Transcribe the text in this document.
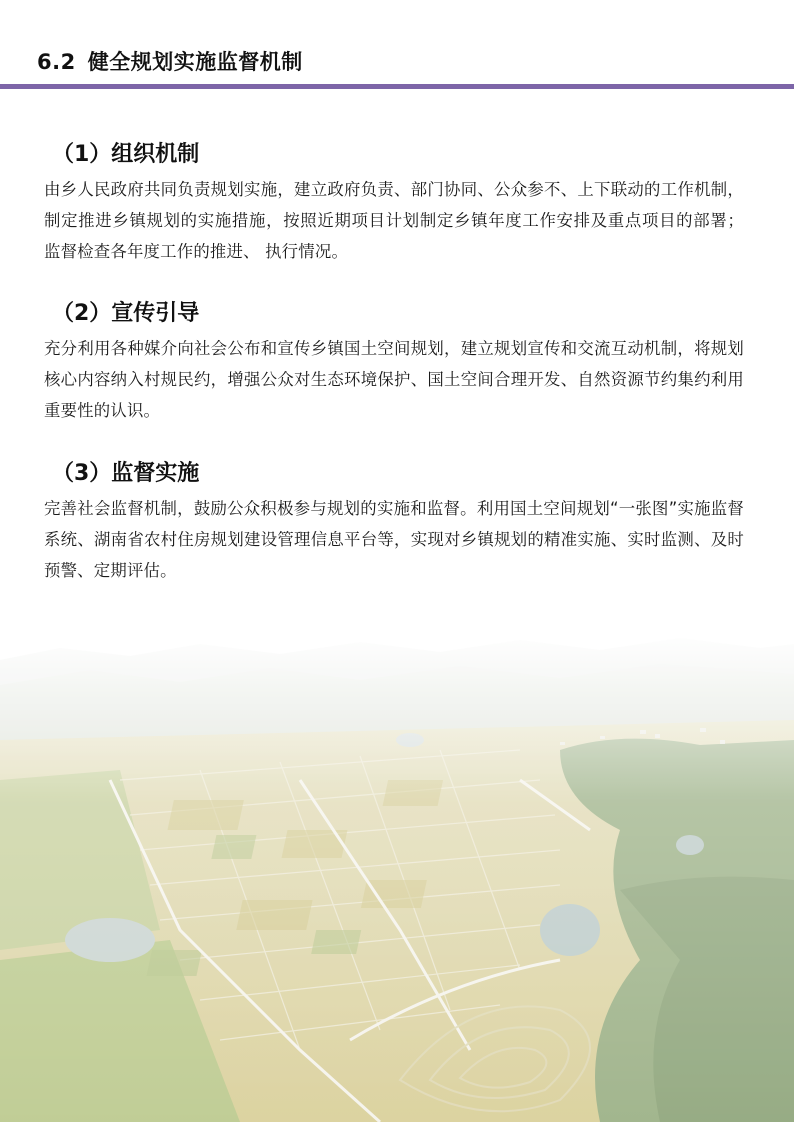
6.2 健全规划实施监督机制
（1）组织机制

由乡人民政府共同负责规划实施，建立政府负责、部门协同、公众参不、上下联动的工作机制，制定推进乡镇规划的实施措施，按照近期项目计划制定乡镇年度工作安排及重点项目的部署； 监督检查各年度工作的推进、 执行情况。

（2）宣传引导

充分利用各种媒介向社会公布和宣传乡镇国土空间规划，建立规划宣传和交流互动机制，将规划核心内容纳入村规民约，增强公众对生态环境保护、国土空间合理开发、自然资源节约集约利用重要性的认识。

（3）监督实施

完善社会监督机制，鼓励公众积极参与规划的实施和监督。利用国土空间规划“一张图”实施监督系统、湖南省农村住房规划建设管理信息平台等，实现对乡镇规划的精准实施、实时监测、及时预警、定期评估。
